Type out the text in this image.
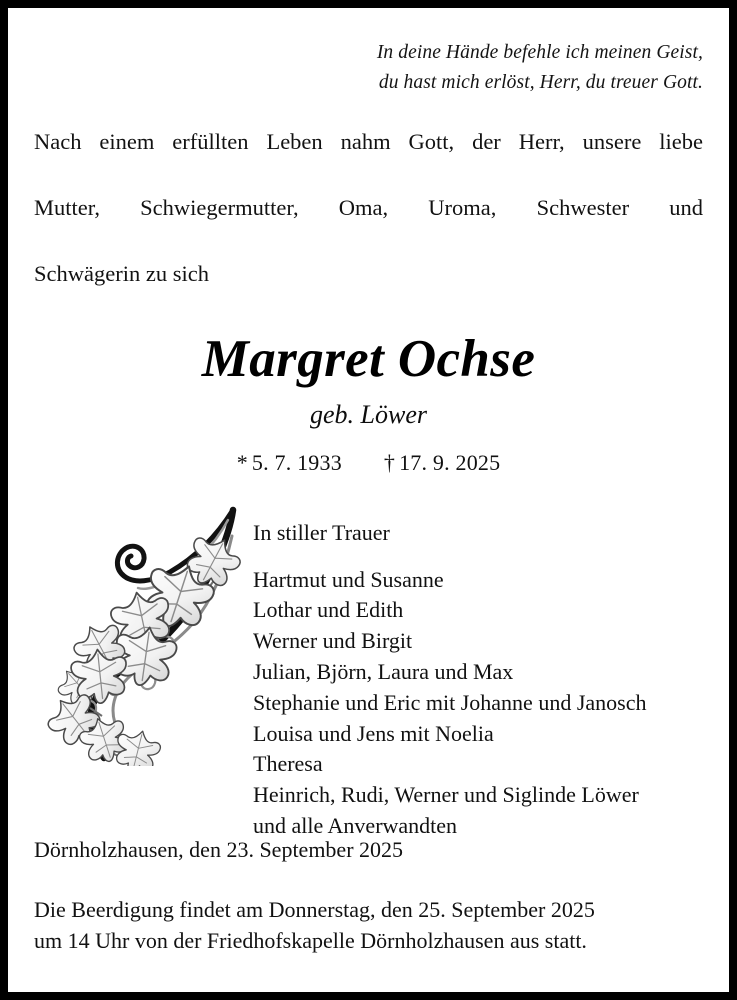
In deine Hände befehle ich meinen Geist,
du hast mich erlöst, Herr, du treuer Gott.
Nach einem erfüllten Leben nahm Gott, der Herr, unsere liebe
Mutter, Schwiegermutter, Oma, Uroma, Schwester und
Schwägerin zu sich
Margret Ochse
geb. Löwer
* 5. 7. 1933 † 17. 9. 2025
In stiller Trauer
Hartmut und Susanne
Lothar und Edith
Werner und Birgit
Julian, Björn, Laura und Max
Stephanie und Eric mit Johanne und Janosch
Louisa und Jens mit Noelia
Theresa
Heinrich, Rudi, Werner und Siglinde Löwer
und alle Anverwandten

Dörnholzhausen, den 23. September 2025

Die Beerdigung findet am Donnerstag, den 25. September 2025
um 14 Uhr von der Friedhofskapelle Dörnholzhausen aus statt.
